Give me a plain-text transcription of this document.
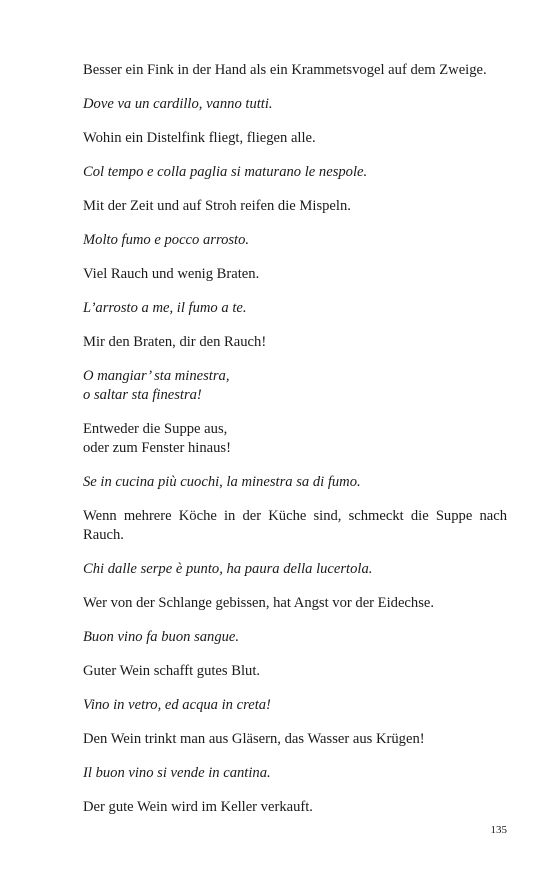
Besser ein Fink in der Hand als ein Krammetsvogel auf dem Zweige.

Dove va un cardillo, vanno tutti.

Wohin ein Distelfink fliegt, fliegen alle.

Col tempo e colla paglia si maturano le nespole.

Mit der Zeit und auf Stroh reifen die Mispeln.

Molto fumo e pocco arrosto.

Viel Rauch und wenig Braten.

L’arrosto a me, il fumo a te.

Mir den Braten, dir den Rauch!

O mangiar’ sta minestra,
o saltar sta finestra!

Entweder die Suppe aus,
oder zum Fenster hinaus!

Se in cucina più cuochi, la minestra sa di fumo.

Wenn mehrere Köche in der Küche sind, schmeckt die Suppe nach Rauch.

Chi dalle serpe è punto, ha paura della lucertola.

Wer von der Schlange gebissen, hat Angst vor der Eidechse.

Buon vino fa buon sangue.

Guter Wein schafft gutes Blut.

Vino in vetro, ed acqua in creta!

Den Wein trinkt man aus Gläsern, das Wasser aus Krügen!

Il buon vino si vende in cantina.

Der gute Wein wird im Keller verkauft.

135
